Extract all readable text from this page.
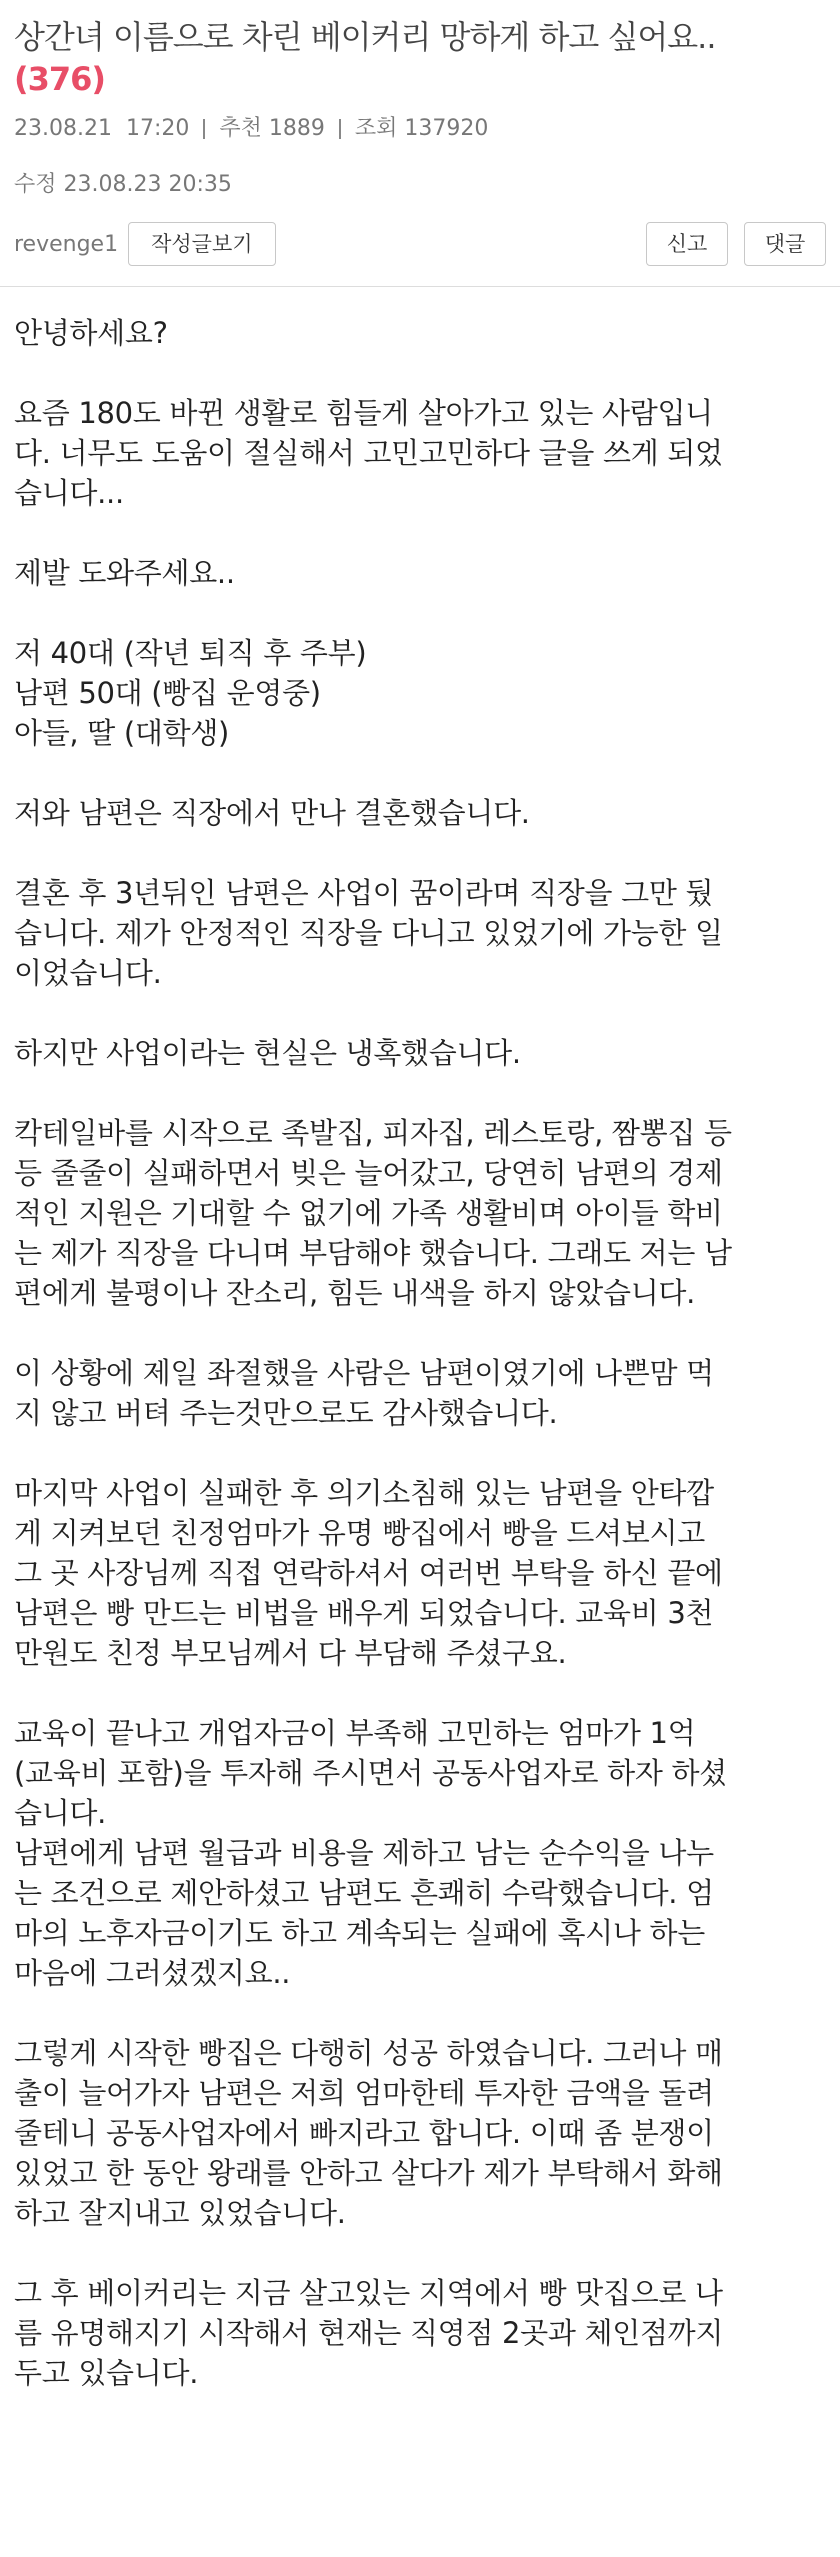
상간녀 이름으로 차린 베이커리 망하게 하고 싶어요..
(376)
23.08.21 17:20 추천 1889 조회 137920
수정 23.08.23 20:35
revenge1	작성글보기	신고	댓글
안녕하세요?
요즘 180도 바뀐 생활로 힘들게 살아가고 있는 사람입니
다. 너무도 도움이 절실해서 고민고민하다 글을 쓰게 되었
습니다...
제발 도와주세요..
저 40대 (작년 퇴직 후 주부)
남편 50대 (빵집 운영중)
아들, 딸 (대학생)
저와 남편은 직장에서 만나 결혼했습니다.
결혼 후 3년뒤인 남편은 사업이 꿈이라며 직장을 그만 뒀
습니다. 제가 안정적인 직장을 다니고 있었기에 가능한 일
이었습니다.
하지만 사업이라는 현실은 냉혹했습니다.
칵테일바를 시작으로 족발집, 피자집, 레스토랑, 짬뽕집 등
등 줄줄이 실패하면서 빚은 늘어갔고, 당연히 남편의 경제
적인 지원은 기대할 수 없기에 가족 생활비며 아이들 학비
는 제가 직장을 다니며 부담해야 했습니다. 그래도 저는 남
편에게 불평이나 잔소리, 힘든 내색을 하지 않았습니다.
이 상황에 제일 좌절했을 사람은 남편이였기에 나쁜맘 먹
지 않고 버텨 주는것만으로도 감사했습니다.
마지막 사업이 실패한 후 의기소침해 있는 남편을 안타깝
게 지켜보던 친정엄마가 유명 빵집에서 빵을 드셔보시고
그 곳 사장님께 직접 연락하셔서 여러번 부탁을 하신 끝에
남편은 빵 만드는 비법을 배우게 되었습니다. 교육비 3천
만원도 친정 부모님께서 다 부담해 주셨구요.
교육이 끝나고 개업자금이 부족해 고민하는 엄마가 1억
(교육비 포함)을 투자해 주시면서 공동사업자로 하자 하셨
습니다.
남편에게 남편 월급과 비용을 제하고 남는 순수익을 나누
는 조건으로 제안하셨고 남편도 흔쾌히 수락했습니다. 엄
마의 노후자금이기도 하고 계속되는 실패에 혹시나 하는
마음에 그러셨겠지요..
그렇게 시작한 빵집은 다행히 성공 하였습니다. 그러나 매
출이 늘어가자 남편은 저희 엄마한테 투자한 금액을 돌려
줄테니 공동사업자에서 빠지라고 합니다. 이때 좀 분쟁이
있었고 한 동안 왕래를 안하고 살다가 제가 부탁해서 화해
하고 잘지내고 있었습니다.
그 후 베이커리는 지금 살고있는 지역에서 빵 맛집으로 나
름 유명해지기 시작해서 현재는 직영점 2곳과 체인점까지
두고 있습니다.
